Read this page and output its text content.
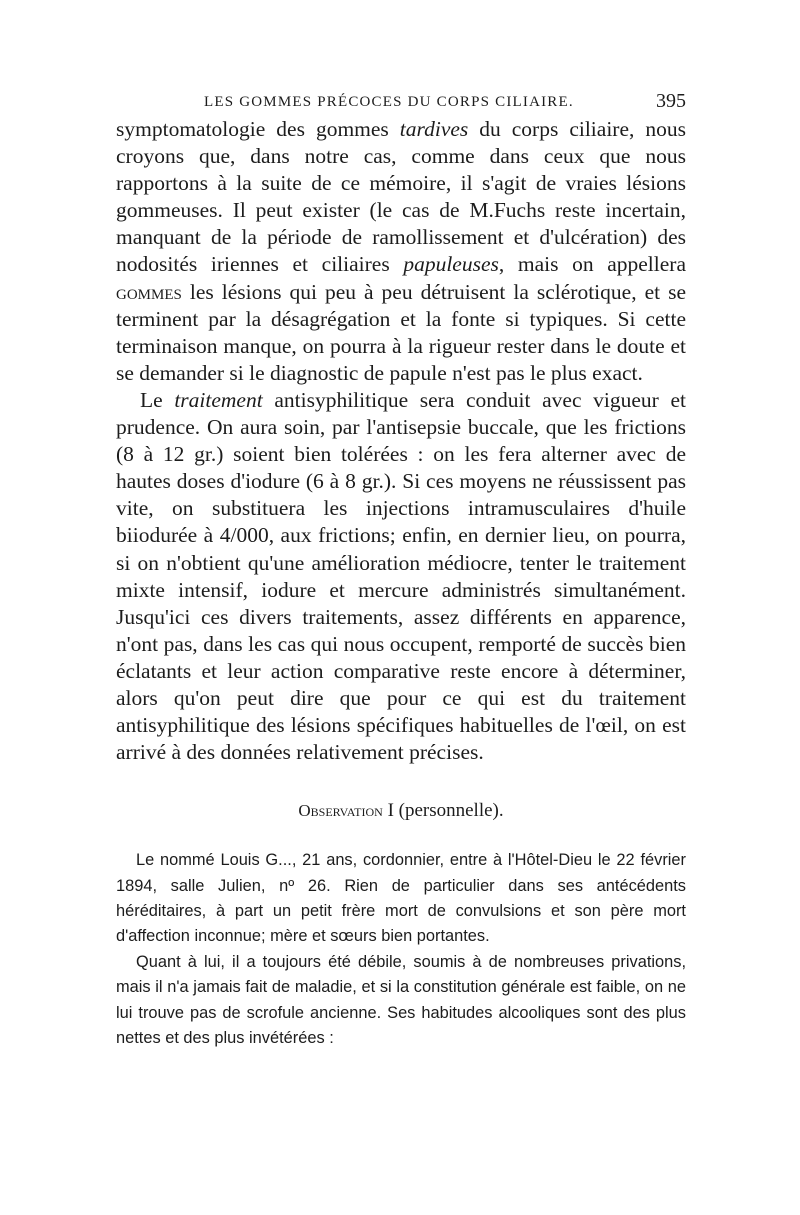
LES GOMMES PRÉCOCES DU CORPS CILIAIRE.	395

symptomatologie des gommes tardives du corps ciliaire, nous croyons que, dans notre cas, comme dans ceux que nous rapportons à la suite de ce mémoire, il s'agit de vraies lésions gommeuses. Il peut exister (le cas de M.Fuchs reste incertain, manquant de la période de ramollissement et d'ulcération) des nodosités iriennes et ciliaires papuleuses, mais on appellera gommes les lésions qui peu à peu détruisent la sclérotique, et se terminent par la désagrégation et la fonte si typiques. Si cette terminaison manque, on pourra à la rigueur rester dans le doute et se demander si le diagnostic de papule n'est pas le plus exact.

Le traitement antisyphilitique sera conduit avec vigueur et prudence. On aura soin, par l'antisepsie buccale, que les frictions (8 à 12 gr.) soient bien tolérées : on les fera alterner avec de hautes doses d'iodure (6 à 8 gr.). Si ces moyens ne réussissent pas vite, on substituera les injections intramusculaires d'huile biiodurée à 4/000, aux frictions; enfin, en dernier lieu, on pourra, si on n'obtient qu'une amélioration médiocre, tenter le traitement mixte intensif, iodure et mercure administrés simultanément. Jusqu'ici ces divers traitements, assez différents en apparence, n'ont pas, dans les cas qui nous occupent, remporté de succès bien éclatants et leur action comparative reste encore à déterminer, alors qu'on peut dire que pour ce qui est du traitement antisyphilitique des lésions spécifiques habituelles de l'œil, on est arrivé à des données relativement précises.

Observation I (personnelle).

Le nommé Louis G..., 21 ans, cordonnier, entre à l'Hôtel-Dieu le 22 février 1894, salle Julien, nº 26. Rien de particulier dans ses antécédents héréditaires, à part un petit frère mort de convulsions et son père mort d'affection inconnue; mère et sœurs bien portantes.

Quant à lui, il a toujours été débile, soumis à de nombreuses privations, mais il n'a jamais fait de maladie, et si la constitution générale est faible, on ne lui trouve pas de scrofule ancienne. Ses habitudes alcooliques sont des plus nettes et des plus invétérées :
